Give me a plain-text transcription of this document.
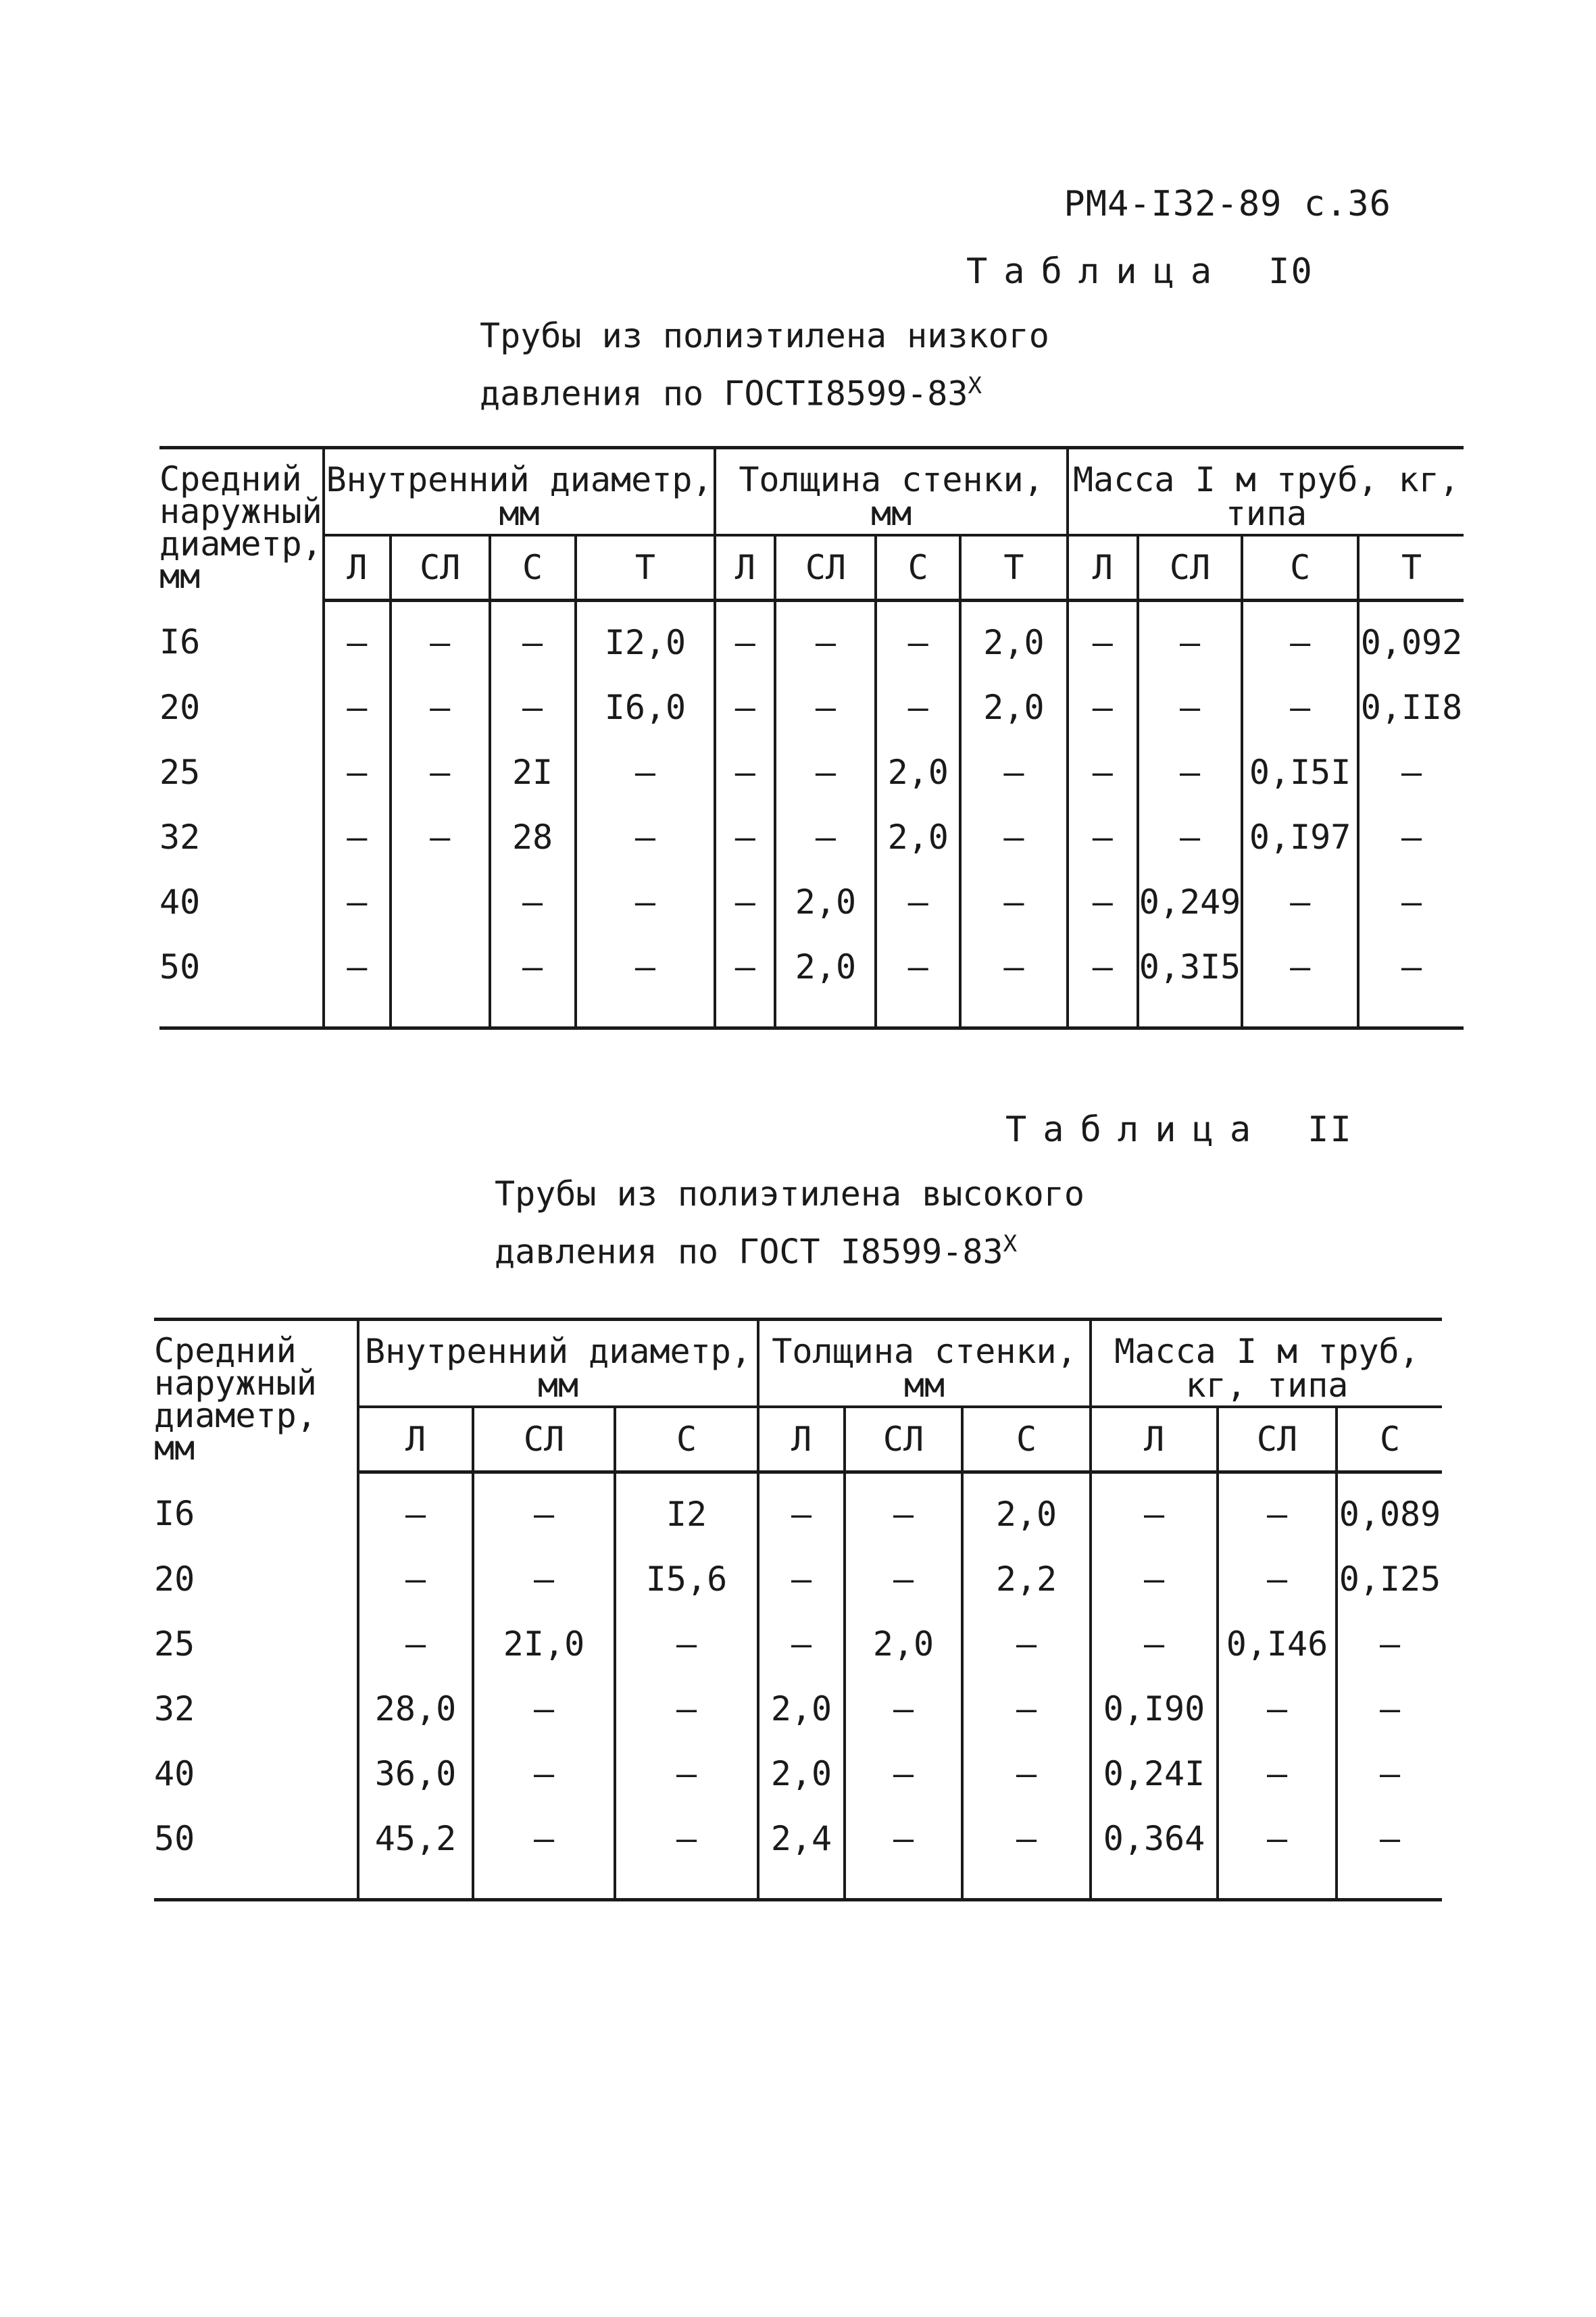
РМ4-I32-89 с.36
Таблица I0
Трубы из полиэтилена низкого
давления по $ГОСТI8599-83^X$
Средний наружный диаметр, мм	Внутренний диаметр, мм				Толщина стенки, мм				Масса I м труб, кг, типа			
	Л	СЛ	С	Т	Л	СЛ	С	Т	Л	СЛ	С	Т
I6	–	–	–	I2,0	–	–	–	2,0	–	–	–	0,092
20	–	–	–	I6,0	–	–	–	2,0	–	–	–	0,II8
25	–	–	2I	–	–	–	2,0	–	–	–	0,I5I	–
32	–	–	28	–	–	–	2,0	–	–	–	0,I97	–
40	–		–	–	–	2,0	–	–	–	0,249	–	–
50	–		–	–	–	2,0	–	–	–	0,3I5	–	–

Таблица II
Трубы из полиэтилена высокого
давления по ГОСТ $I8599-83^X$
Средний наружный диаметр, мм	Внутренний диаметр, мм			Толщина стенки, мм			Масса I м труб, кг, типа		
	Л	СЛ	С	Л	СЛ	С	Л	СЛ	С
I6	–	–	I2	–	–	2,0	–	–	0,089
20	–	–	I5,6	–	–	2,2	–	–	0,I25
25	–	2I,0	–	–	2,0	–	–	0,I46	–
32	28,0	–	–	2,0	–	–	0,I90	–	–
40	36,0	–	–	2,0	–	–	0,24I	–	–
50	45,2	–	–	2,4	–	–	0,364	–	–
